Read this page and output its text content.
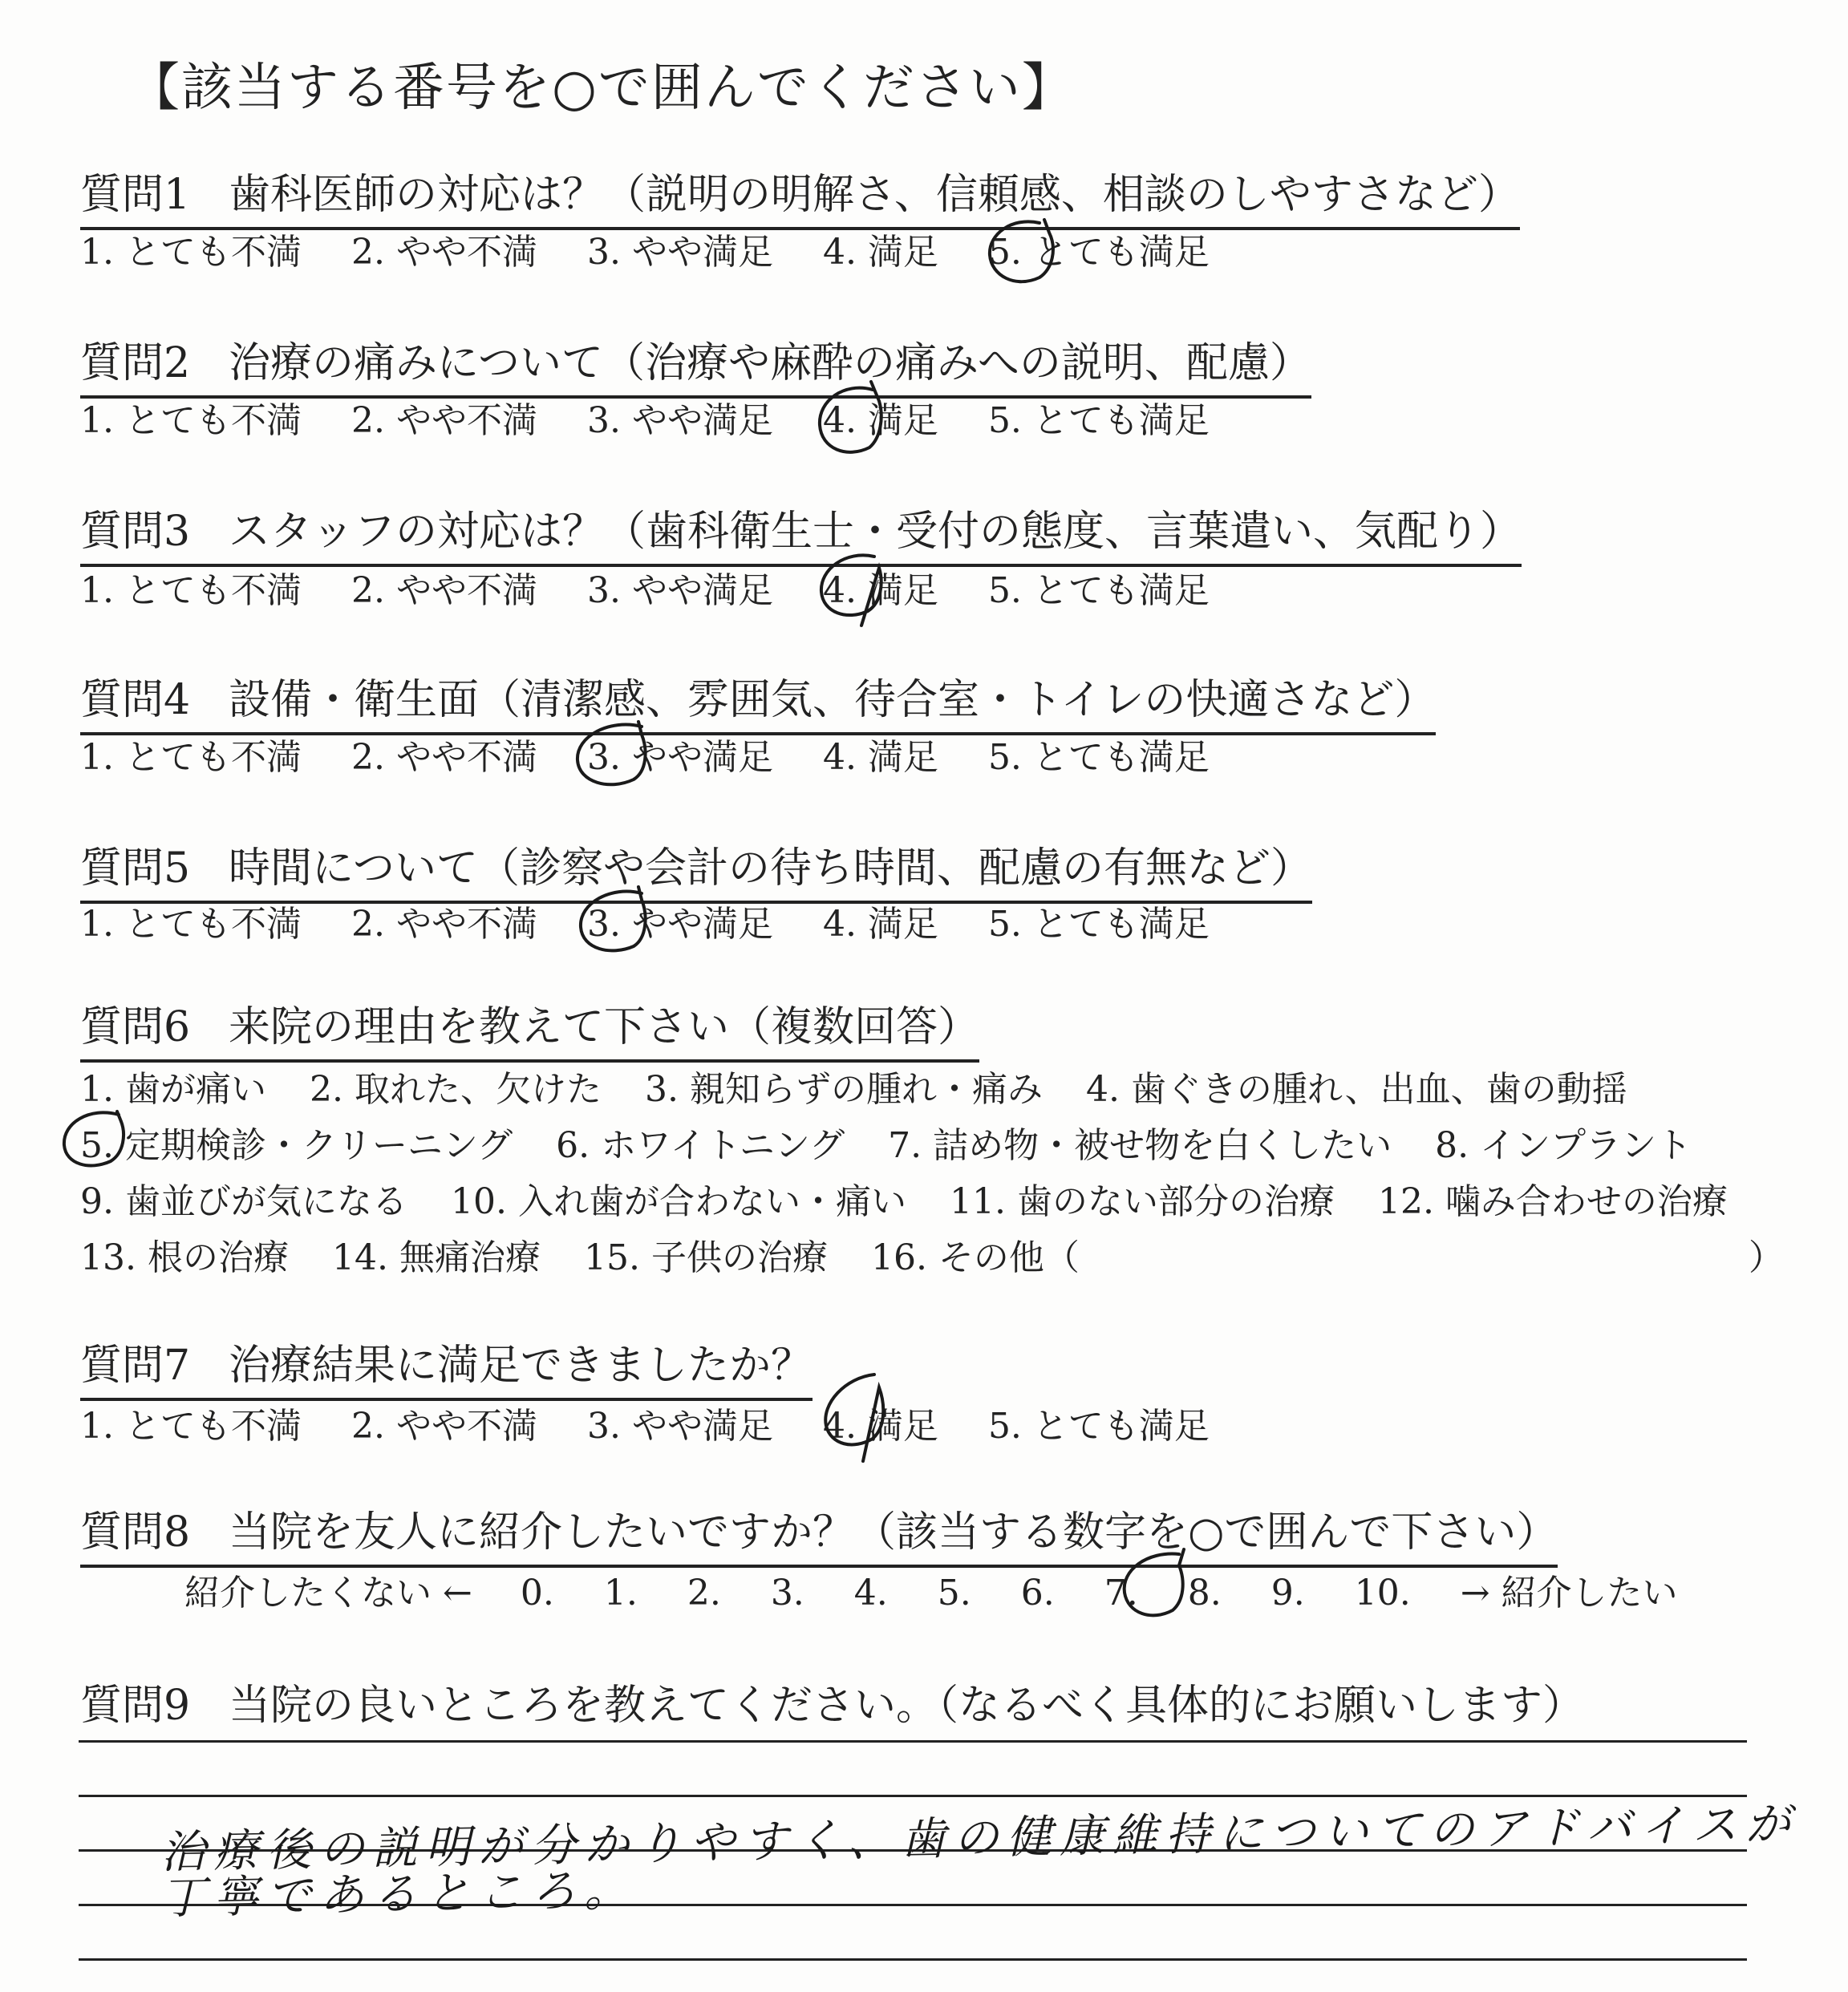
【該当する番号を○で囲んでください】
質問1 歯科医師の対応は？（説明の明解さ、信頼感、相談のしやすさなど）
1. とても不満 2. やや不満 3. やや満足 4. 満足 5. とても満足
質問2 治療の痛みについて（治療や麻酔の痛みへの説明、配慮）
1. とても不満 2. やや不満 3. やや満足 4. 満足 5. とても満足
質問3 スタッフの対応は？（歯科衛生士・受付の態度、言葉遣い、気配り）
1. とても不満 2. やや不満 3. やや満足 4. 満足 5. とても満足
質問4 設備・衛生面（清潔感、雰囲気、待合室・トイレの快適さなど）
1. とても不満 2. やや不満 3. やや満足 4. 満足 5. とても満足
質問5 時間について（診察や会計の待ち時間、配慮の有無など）
1. とても不満 2. やや不満 3. やや満足 4. 満足 5. とても満足
質問6 来院の理由を教えて下さい（複数回答）
1. 歯が痛い 2. 取れた、欠けた 3. 親知らずの腫れ・痛み 4. 歯ぐきの腫れ、出血、歯の動揺
5. 定期検診・クリーニング 6. ホワイトニング 7. 詰め物・被せ物を白くしたい 8. インプラント
9. 歯並びが気になる 10. 入れ歯が合わない・痛い 11. 歯のない部分の治療 12. 噛み合わせの治療
13. 根の治療 14. 無痛治療 15. 子供の治療 16. その他（	）
質問7 治療結果に満足できましたか？
1. とても不満 2. やや不満 3. やや満足 4. 満足 5. とても満足
質問8 当院を友人に紹介したいですか？（該当する数字を○で囲んで下さい）
紹介したくない ← 0. 1. 2. 3. 4. 5. 6. 7. 8. 9. 10. → 紹介したい
質問9 当院の良いところを教えてください。（なるべく具体的にお願いします）
治療後の説明が分かりやすく、歯の健康維持についてのアドバイスが
丁寧であるところ。
